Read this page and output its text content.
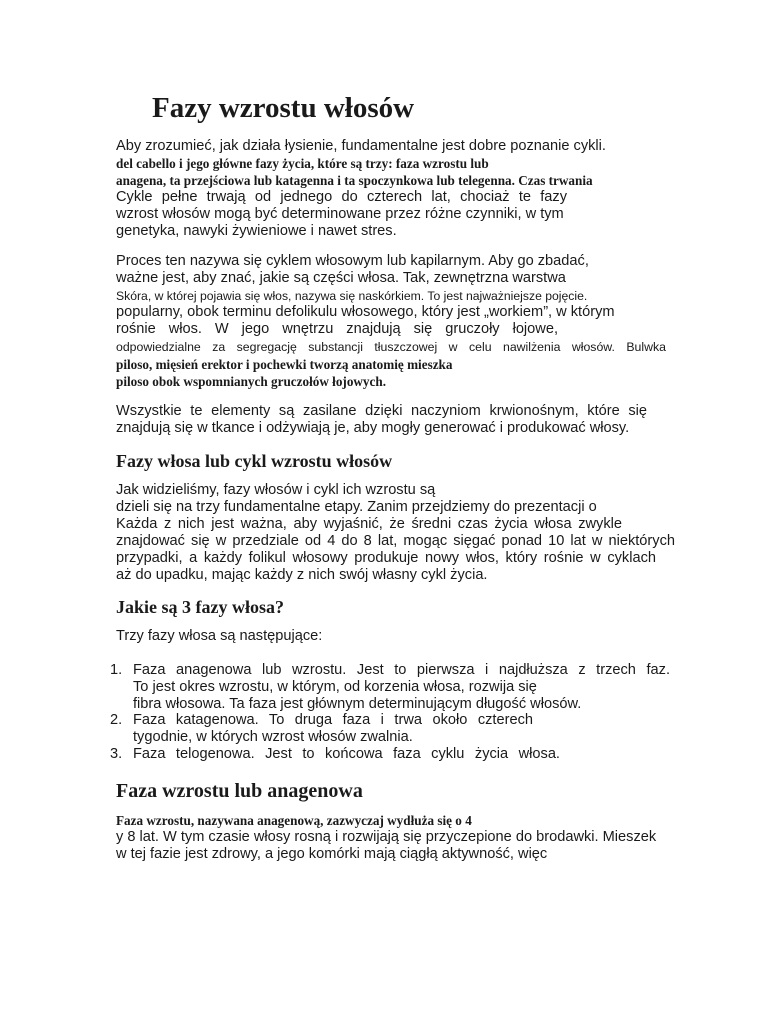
Fazy wzrostu włosów

Aby zrozumieć, jak działa łysienie, fundamentalne jest dobre poznanie cykli.

del cabello i jego główne fazy życia, które są trzy: faza wzrostu lub

anagena, ta przejściowa lub katagenna i ta spoczynkowa lub telegenna. Czas trwania

Cykle pełne trwają od jednego do czterech lat, chociaż te fazy

wzrost włosów mogą być determinowane przez różne czynniki, w tym

genetyka, nawyki żywieniowe i nawet stres.

Proces ten nazywa się cyklem włosowym lub kapilarnym. Aby go zbadać,

ważne jest, aby znać, jakie są części włosa. Tak, zewnętrzna warstwa

Skóra, w której pojawia się włos, nazywa się naskórkiem. To jest najważniejsze pojęcie.

popularny, obok terminu defolikulu włosowego, który jest „workiem”, w którym

rośnie włos. W jego wnętrzu znajdują się gruczoły łojowe,

odpowiedzialne za segregację substancji tłuszczowej w celu nawilżenia włosów. Bulwka

piloso, mięsień erektor i pochewki tworzą anatomię mieszka

piloso obok wspomnianych gruczołów łojowych.

Wszystkie te elementy są zasilane dzięki naczyniom krwionośnym, które się

znajdują się w tkance i odżywiają je, aby mogły generować i produkować włosy.

Fazy włosa lub cykl wzrostu włosów

Jak widzieliśmy, fazy włosów i cykl ich wzrostu są

dzieli się na trzy fundamentalne etapy. Zanim przejdziemy do prezentacji o

Każda z nich jest ważna, aby wyjaśnić, że średni czas życia włosa zwykle

znajdować się w przedziale od 4 do 8 lat, mogąc sięgać ponad 10 lat w niektórych

przypadki, a każdy folikul włosowy produkuje nowy włos, który rośnie w cyklach

aż do upadku, mając każdy z nich swój własny cykl życia.

Jakie są 3 fazy włosa?

Trzy fazy włosa są następujące:

1. Faza anagenowa lub wzrostu. Jest to pierwsza i najdłuższa z trzech faz.

To jest okres wzrostu, w którym, od korzenia włosa, rozwija się

fibra włosowa. Ta faza jest głównym determinującym długość włosów.

2. Faza katagenowa. To druga faza i trwa około czterech

tygodnie, w których wzrost włosów zwalnia.

3. Faza telogenowa. Jest to końcowa faza cyklu życia włosa.

Faza wzrostu lub anagenowa

Faza wzrostu, nazywana anagenową, zazwyczaj wydłuża się o 4

y 8 lat. W tym czasie włosy rosną i rozwijają się przyczepione do brodawki. Mieszek

w tej fazie jest zdrowy, a jego komórki mają ciągłą aktywność, więc
